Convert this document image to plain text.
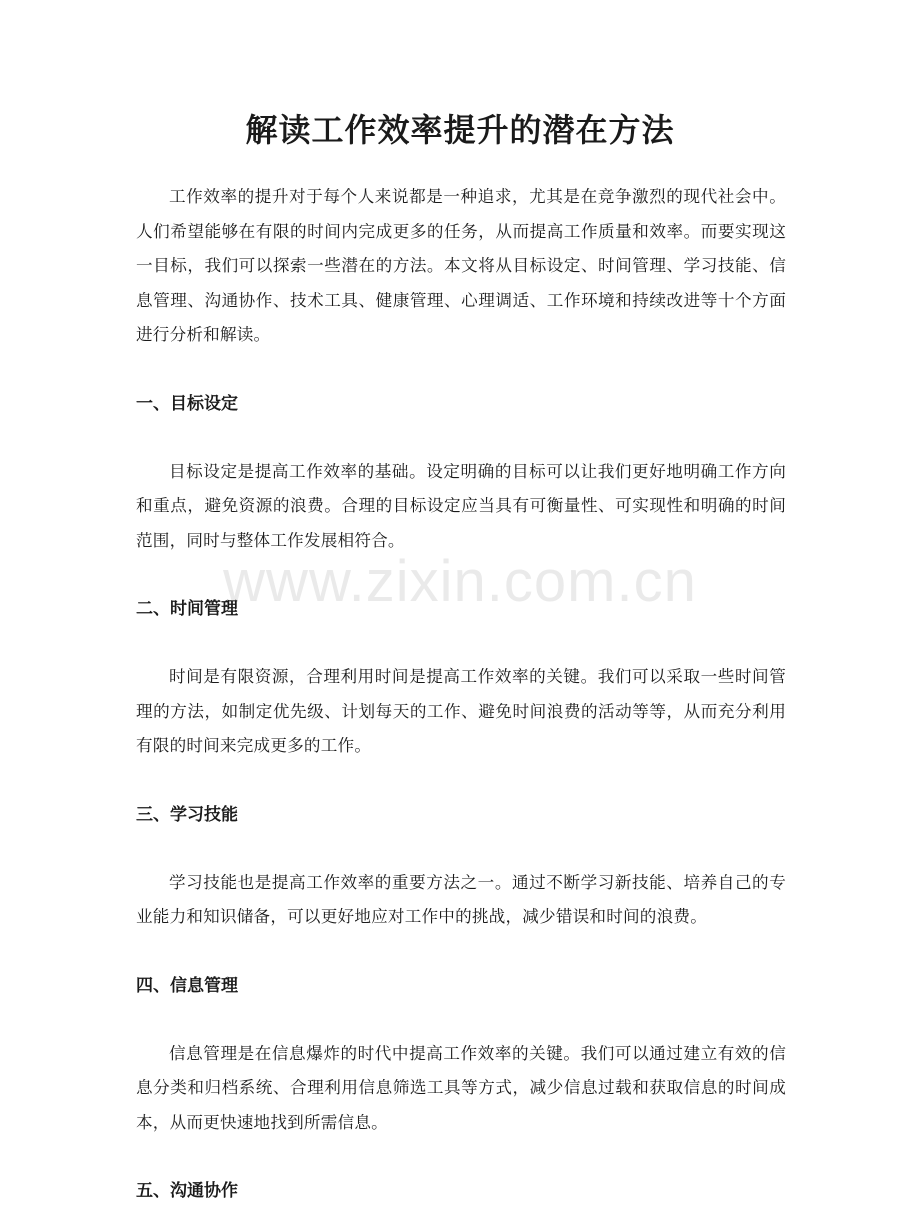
解读工作效率提升的潜在方法

工作效率的提升对于每个人来说都是一种追求，尤其是在竞争激烈的现代社会中。人们希望能够在有限的时间内完成更多的任务，从而提高工作质量和效率。而要实现这一目标，我们可以探索一些潜在的方法。本文将从目标设定、时间管理、学习技能、信息管理、沟通协作、技术工具、健康管理、心理调适、工作环境和持续改进等十个方面进行分析和解读。

一、目标设定

目标设定是提高工作效率的基础。设定明确的目标可以让我们更好地明确工作方向和重点，避免资源的浪费。合理的目标设定应当具有可衡量性、可实现性和明确的时间范围，同时与整体工作发展相符合。

二、时间管理

时间是有限资源，合理利用时间是提高工作效率的关键。我们可以采取一些时间管理的方法，如制定优先级、计划每天的工作、避免时间浪费的活动等等，从而充分利用有限的时间来完成更多的工作。

三、学习技能

学习技能也是提高工作效率的重要方法之一。通过不断学习新技能、培养自己的专业能力和知识储备，可以更好地应对工作中的挑战，减少错误和时间的浪费。

四、信息管理

信息管理是在信息爆炸的时代中提高工作效率的关键。我们可以通过建立有效的信息分类和归档系统、合理利用信息筛选工具等方式，减少信息过载和获取信息的时间成本，从而更快速地找到所需信息。

五、沟通协作
www.zixin.com.cn
